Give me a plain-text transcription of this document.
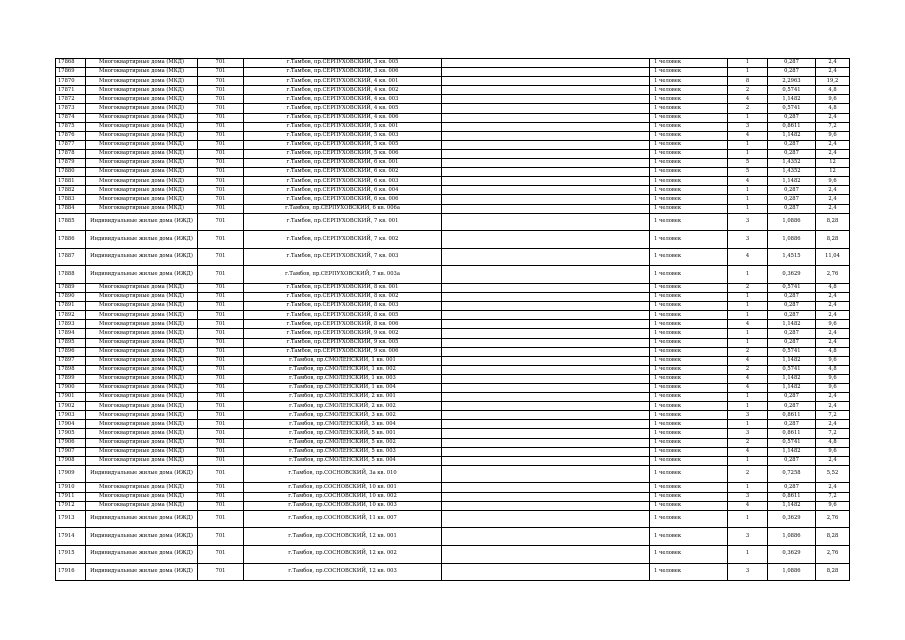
17868	Многоквартирные дома (МКД)	701	г.Тамбов, пр.СЕРПУХОВСКИЙ, 3 кв. 005		1 человек	1	0,287	2,4
17869	Многоквартирные дома (МКД)	701	г.Тамбов, пр.СЕРПУХОВСКИЙ, 3 кв. 006		1 человек	1	0,287	2,4
17870	Многоквартирные дома (МКД)	701	г.Тамбов, пр.СЕРПУХОВСКИЙ, 4 кв. 001		1 человек	8	2,2963	19,2
17871	Многоквартирные дома (МКД)	701	г.Тамбов, пр.СЕРПУХОВСКИЙ, 4 кв. 002		1 человек	2	0,5741	4,8
17872	Многоквартирные дома (МКД)	701	г.Тамбов, пр.СЕРПУХОВСКИЙ, 4 кв. 003		1 человек	4	1,1482	9,6
17873	Многоквартирные дома (МКД)	701	г.Тамбов, пр.СЕРПУХОВСКИЙ, 4 кв. 005		1 человек	2	0,5741	4,8
17874	Многоквартирные дома (МКД)	701	г.Тамбов, пр.СЕРПУХОВСКИЙ, 4 кв. 006		1 человек	1	0,287	2,4
17875	Многоквартирные дома (МКД)	701	г.Тамбов, пр.СЕРПУХОВСКИЙ, 5 кв. 001		1 человек	3	0,8611	7,2
17876	Многоквартирные дома (МКД)	701	г.Тамбов, пр.СЕРПУХОВСКИЙ, 5 кв. 003		1 человек	4	1,1482	9,6
17877	Многоквартирные дома (МКД)	701	г.Тамбов, пр.СЕРПУХОВСКИЙ, 5 кв. 005		1 человек	1	0,287	2,4
17878	Многоквартирные дома (МКД)	701	г.Тамбов, пр.СЕРПУХОВСКИЙ, 5 кв. 006		1 человек	1	0,287	2,4
17879	Многоквартирные дома (МКД)	701	г.Тамбов, пр.СЕРПУХОВСКИЙ, 6 кв. 001		1 человек	5	1,4352	12
17880	Многоквартирные дома (МКД)	701	г.Тамбов, пр.СЕРПУХОВСКИЙ, 6 кв. 002		1 человек	5	1,4352	12
17881	Многоквартирные дома (МКД)	701	г.Тамбов, пр.СЕРПУХОВСКИЙ, 6 кв. 003		1 человек	4	1,1482	9,6
17882	Многоквартирные дома (МКД)	701	г.Тамбов, пр.СЕРПУХОВСКИЙ, 6 кв. 004		1 человек	1	0,287	2,4
17883	Многоквартирные дома (МКД)	701	г.Тамбов, пр.СЕРПУХОВСКИЙ, 6 кв. 006		1 человек	1	0,287	2,4
17884	Многоквартирные дома (МКД)	701	г.Тамбов, пр.СЕРПУХОВСКИЙ, 6 кв. 006а		1 человек	1	0,287	2,4
17885	Индивидуальные жилые дома (ИЖД)	701	г.Тамбов, пр.СЕРПУХОВСКИЙ, 7 кв. 001		1 человек	3	1,0886	8,28
17886	Индивидуальные жилые дома (ИЖД)	701	г.Тамбов, пр.СЕРПУХОВСКИЙ, 7 кв. 002		1 человек	3	1,0886	8,28
17887	Индивидуальные жилые дома (ИЖД)	701	г.Тамбов, пр.СЕРПУХОВСКИЙ, 7 кв. 003		1 человек	4	1,4515	11,04
17888	Индивидуальные жилые дома (ИЖД)	701	г.Тамбов, пр.СЕРПУХОВСКИЙ, 7 кв. 003а		1 человек	1	0,3629	2,76
17889	Многоквартирные дома (МКД)	701	г.Тамбов, пр.СЕРПУХОВСКИЙ, 8 кв. 001		1 человек	2	0,5741	4,8
17890	Многоквартирные дома (МКД)	701	г.Тамбов, пр.СЕРПУХОВСКИЙ, 8 кв. 002		1 человек	1	0,287	2,4
17891	Многоквартирные дома (МКД)	701	г.Тамбов, пр.СЕРПУХОВСКИЙ, 8 кв. 003		1 человек	1	0,287	2,4
17892	Многоквартирные дома (МКД)	701	г.Тамбов, пр.СЕРПУХОВСКИЙ, 8 кв. 005		1 человек	1	0,287	2,4
17893	Многоквартирные дома (МКД)	701	г.Тамбов, пр.СЕРПУХОВСКИЙ, 8 кв. 006		1 человек	4	1,1482	9,6
17894	Многоквартирные дома (МКД)	701	г.Тамбов, пр.СЕРПУХОВСКИЙ, 9 кв. 002		1 человек	1	0,287	2,4
17895	Многоквартирные дома (МКД)	701	г.Тамбов, пр.СЕРПУХОВСКИЙ, 9 кв. 005		1 человек	1	0,287	2,4
17896	Многоквартирные дома (МКД)	701	г.Тамбов, пр.СЕРПУХОВСКИЙ, 9 кв. 006		1 человек	2	0,5741	4,8
17897	Многоквартирные дома (МКД)	701	г.Тамбов, пр.СМОЛЕНСКИЙ, 1 кв. 001		1 человек	4	1,1482	9,6
17898	Многоквартирные дома (МКД)	701	г.Тамбов, пр.СМОЛЕНСКИЙ, 1 кв. 002		1 человек	2	0,5741	4,8
17899	Многоквартирные дома (МКД)	701	г.Тамбов, пр.СМОЛЕНСКИЙ, 1 кв. 003		1 человек	4	1,1482	9,6
17900	Многоквартирные дома (МКД)	701	г.Тамбов, пр.СМОЛЕНСКИЙ, 1 кв. 004		1 человек	4	1,1482	9,6
17901	Многоквартирные дома (МКД)	701	г.Тамбов, пр.СМОЛЕНСКИЙ, 2 кв. 001		1 человек	1	0,287	2,4
17902	Многоквартирные дома (МКД)	701	г.Тамбов, пр.СМОЛЕНСКИЙ, 2 кв. 002		1 человек	1	0,287	2,4
17903	Многоквартирные дома (МКД)	701	г.Тамбов, пр.СМОЛЕНСКИЙ, 3 кв. 002		1 человек	3	0,8611	7,2
17904	Многоквартирные дома (МКД)	701	г.Тамбов, пр.СМОЛЕНСКИЙ, 3 кв. 004		1 человек	1	0,287	2,4
17905	Многоквартирные дома (МКД)	701	г.Тамбов, пр.СМОЛЕНСКИЙ, 5 кв. 001		1 человек	3	0,8611	7,2
17906	Многоквартирные дома (МКД)	701	г.Тамбов, пр.СМОЛЕНСКИЙ, 5 кв. 002		1 человек	2	0,5741	4,8
17907	Многоквартирные дома (МКД)	701	г.Тамбов, пр.СМОЛЕНСКИЙ, 5 кв. 003		1 человек	4	1,1482	9,6
17908	Многоквартирные дома (МКД)	701	г.Тамбов, пр.СМОЛЕНСКИЙ, 5 кв. 004		1 человек	1	0,287	2,4
17909	Индивидуальные жилые дома (ИЖД)	701	г.Тамбов, пр.СОСНОВСКИЙ, 3а кв. 010		1 человек	2	0,7258	5,52
17910	Многоквартирные дома (МКД)	701	г.Тамбов, пр.СОСНОВСКИЙ, 10 кв. 001		1 человек	1	0,287	2,4
17911	Многоквартирные дома (МКД)	701	г.Тамбов, пр.СОСНОВСКИЙ, 10 кв. 002		1 человек	3	0,8611	7,2
17912	Многоквартирные дома (МКД)	701	г.Тамбов, пр.СОСНОВСКИЙ, 10 кв. 003		1 человек	4	1,1482	9,6
17913	Индивидуальные жилые дома (ИЖД)	701	г.Тамбов, пр.СОСНОВСКИЙ, 11 кв. 007		1 человек	1	0,3629	2,76
17914	Индивидуальные жилые дома (ИЖД)	701	г.Тамбов, пр.СОСНОВСКИЙ, 12 кв. 001		1 человек	3	1,0886	8,28
17915	Индивидуальные жилые дома (ИЖД)	701	г.Тамбов, пр.СОСНОВСКИЙ, 12 кв. 002		1 человек	1	0,3629	2,76
17916	Индивидуальные жилые дома (ИЖД)	701	г.Тамбов, пр.СОСНОВСКИЙ, 12 кв. 003		1 человек	3	1,0886	8,28
